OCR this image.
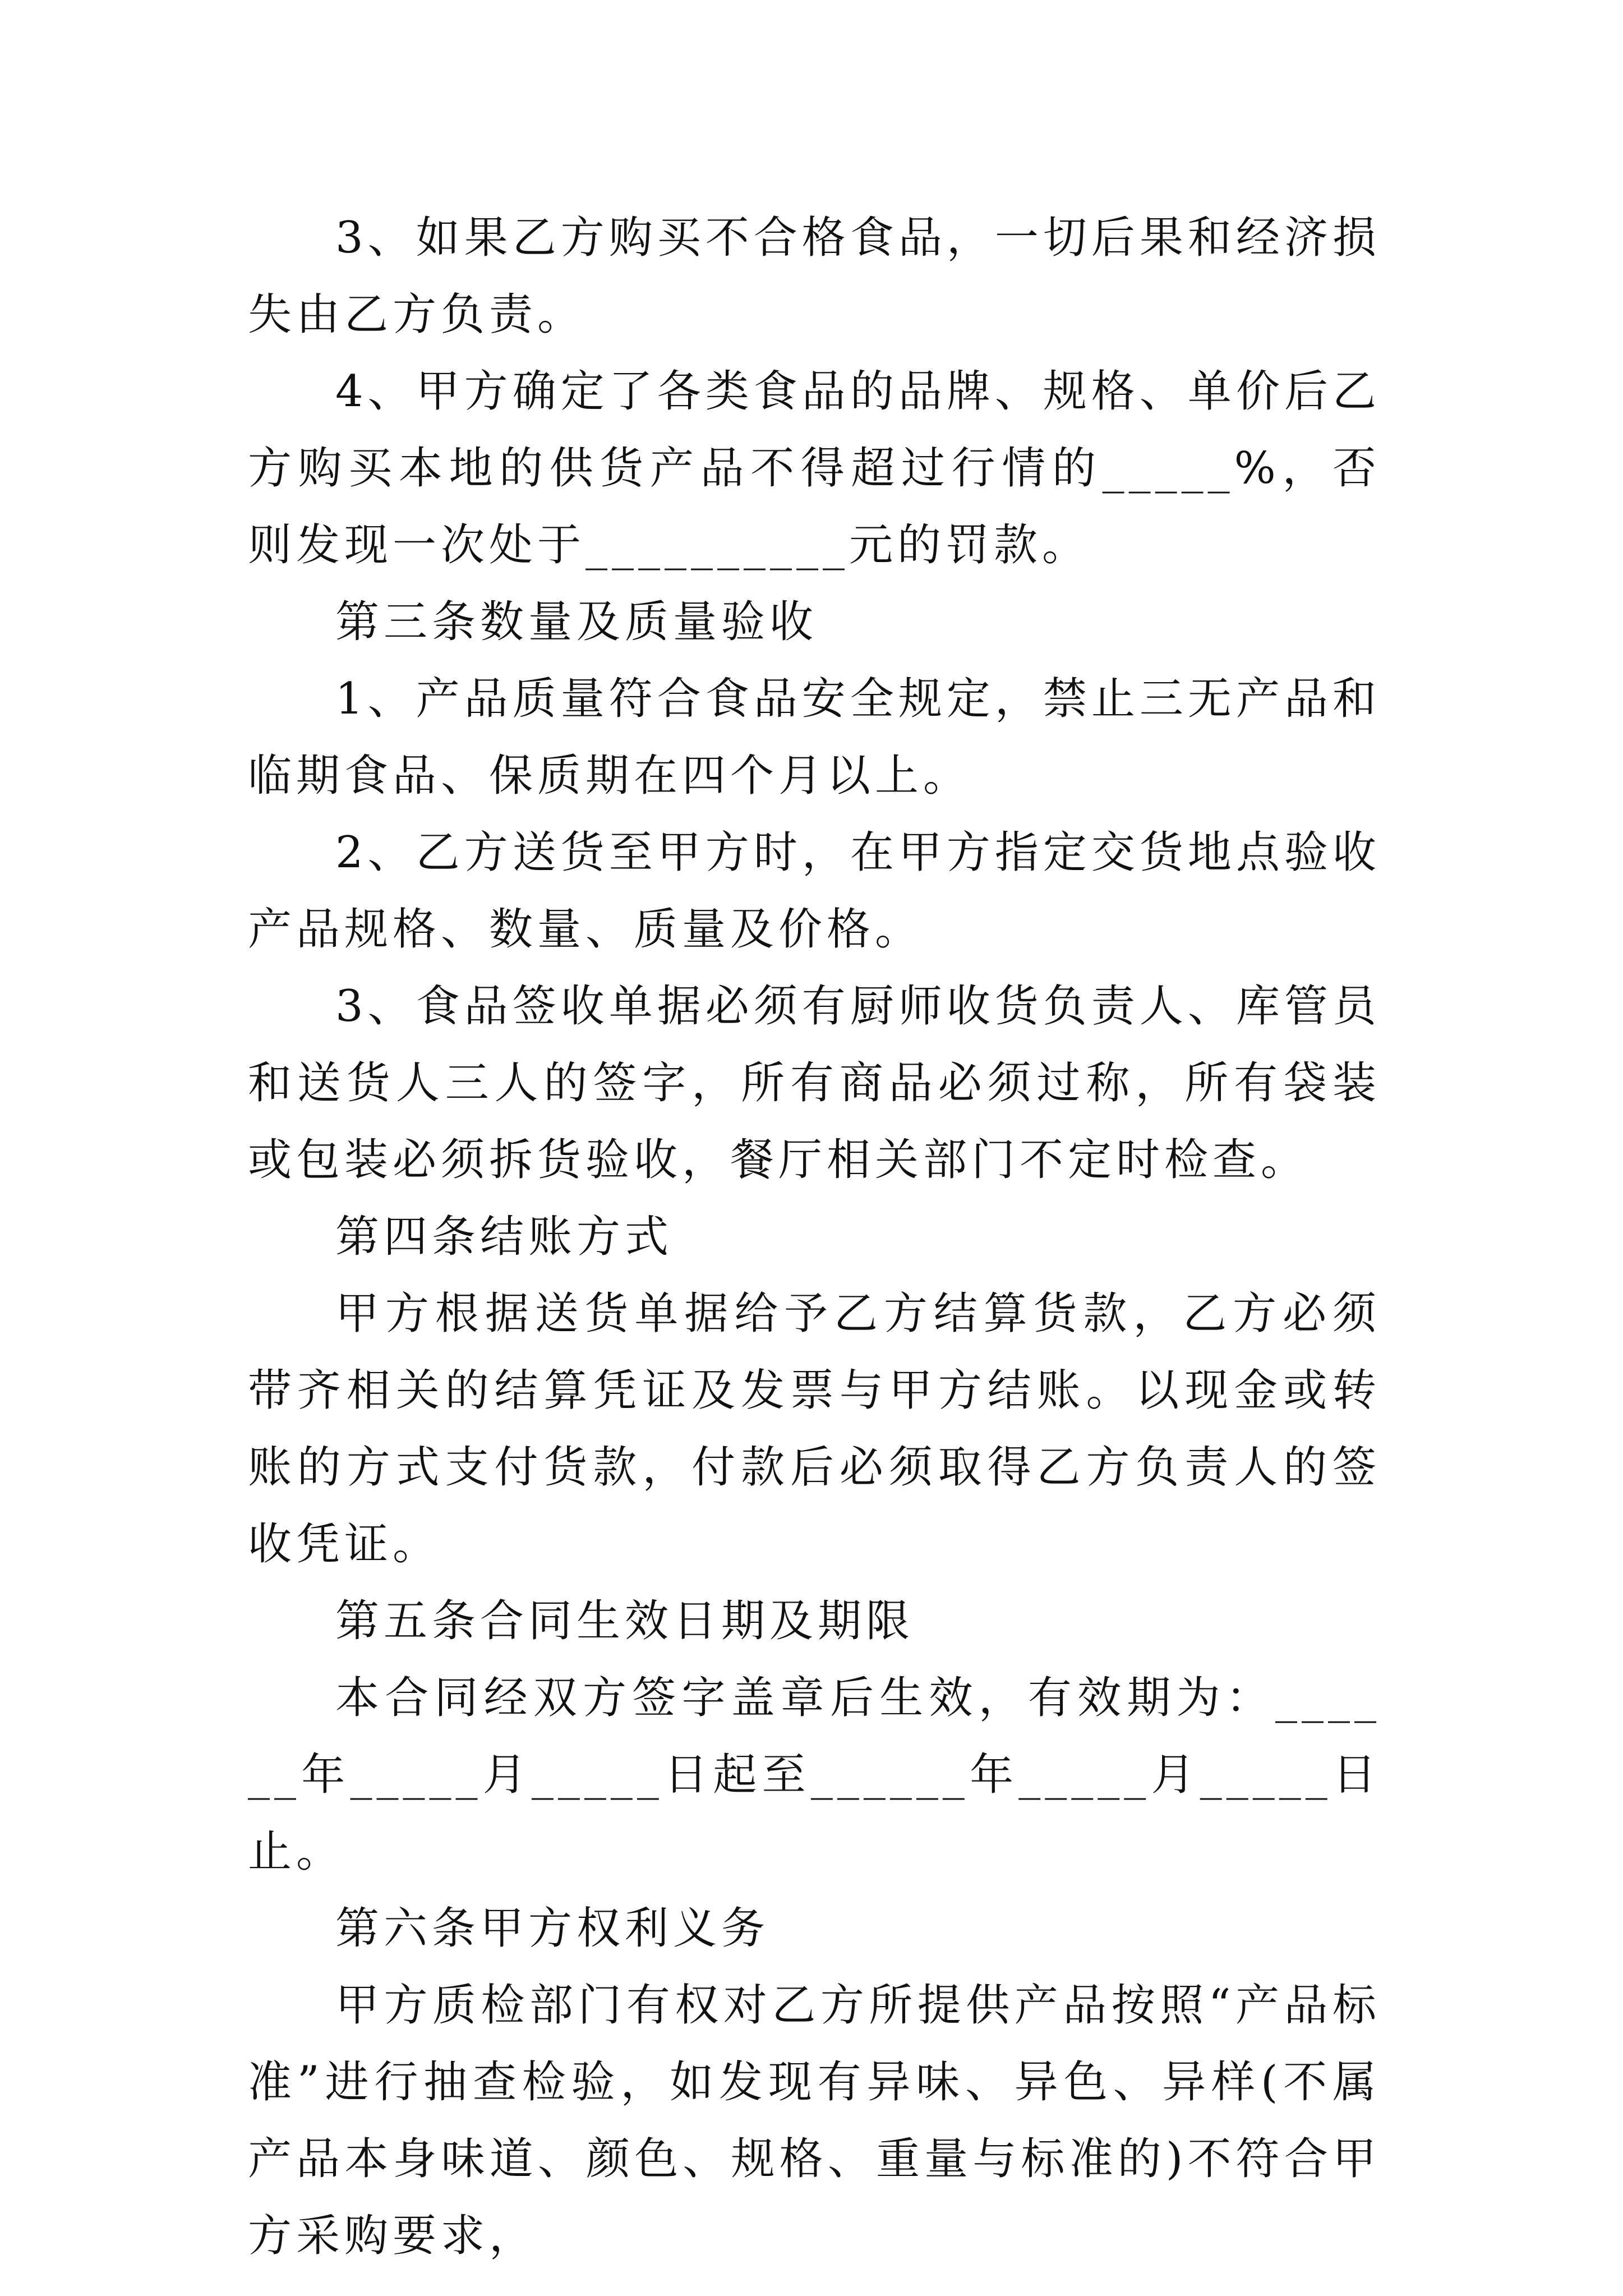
3、如果乙方购买不合格食品，一切后果和经济损失由乙方负责。

4、甲方确定了各类食品的品牌、规格、单价后乙方购买本地的供货产品不得超过行情的_____%，否则发现一次处于__________元的罚款。

第三条数量及质量验收

1、产品质量符合食品安全规定，禁止三无产品和临期食品、保质期在四个月以上。

2、乙方送货至甲方时，在甲方指定交货地点验收产品规格、数量、质量及价格。

3、食品签收单据必须有厨师收货负责人、库管员和送货人三人的签字，所有商品必须过称，所有袋装或包装必须拆货验收，餐厅相关部门不定时检查。

第四条结账方式

甲方根据送货单据给予乙方结算货款，乙方必须带齐相关的结算凭证及发票与甲方结账。以现金或转账的方式支付货款，付款后必须取得乙方负责人的签收凭证。

第五条合同生效日期及期限

本合同经双方签字盖章后生效，有效期为：______年_____月_____日起至______年_____月_____日止。

第六条甲方权利义务

甲方质检部门有权对乙方所提供产品按照“产品标准”进行抽查检验，如发现有异味、异色、异样(不属产品本身味道、颜色、规格、重量与标准的)不符合甲方采购要求，
